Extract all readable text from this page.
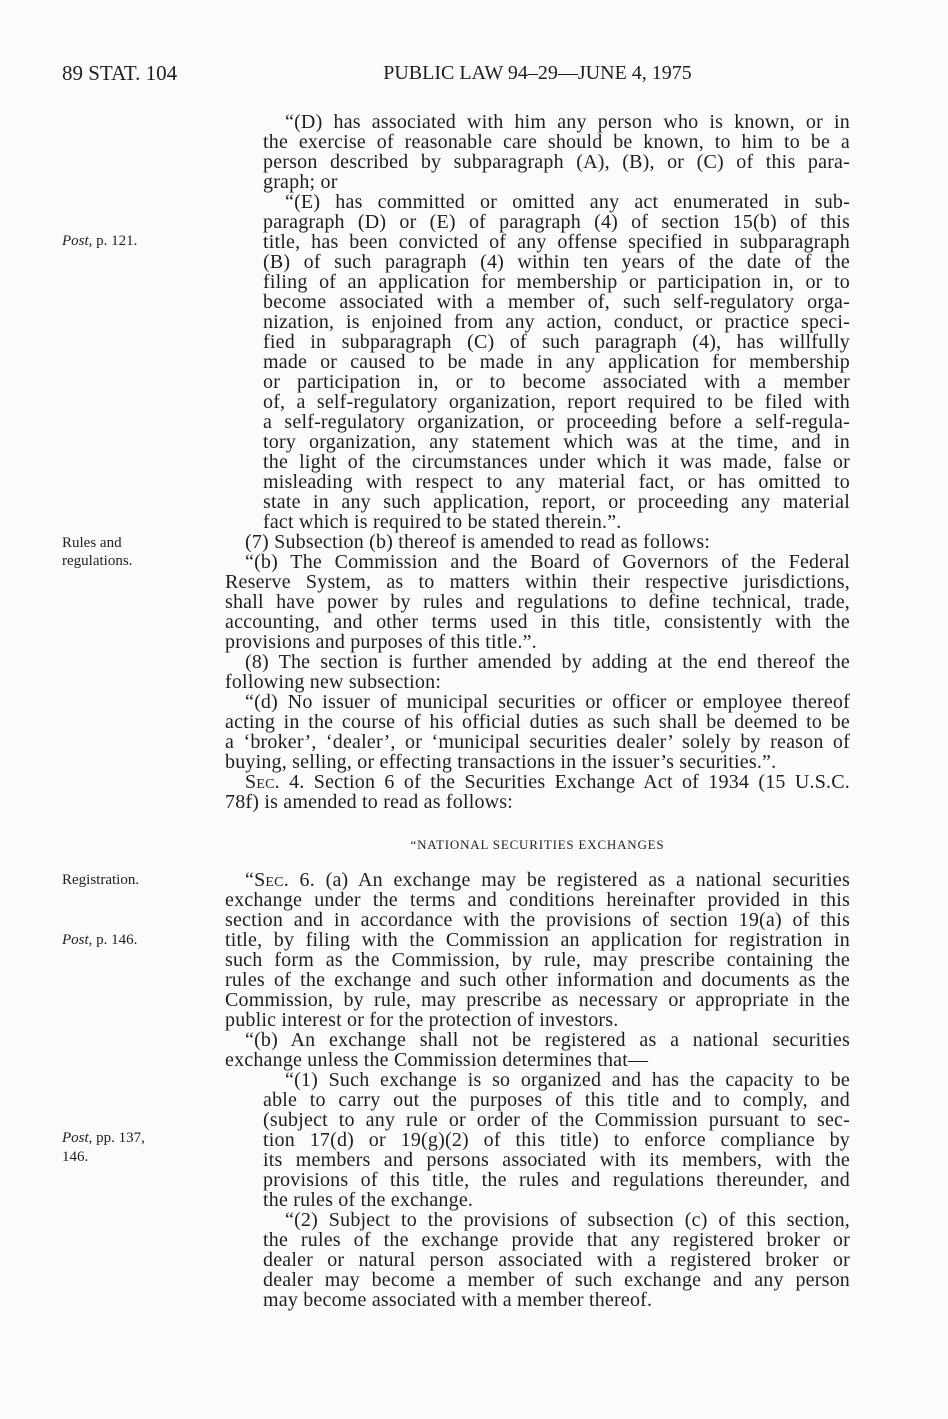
89 STAT. 104	PUBLIC LAW 94–29—JUNE 4, 1975
Post, p. 121.
Rules and
regulations.
Registration.
Post, p. 146.
Post, pp. 137,
146.
“(D) has associated with him any person who is known, or in
the exercise of reasonable care should be known, to him to be a
person described by subparagraph (A), (B), or (C) of this para-
graph; or
“(E) has committed or omitted any act enumerated in sub-
paragraph (D) or (E) of paragraph (4) of section 15(b) of this
title, has been convicted of any offense specified in subparagraph
(B) of such paragraph (4) within ten years of the date of the
filing of an application for membership or participation in, or to
become associated with a member of, such self-regulatory orga-
nization, is enjoined from any action, conduct, or practice speci-
fied in subparagraph (C) of such paragraph (4), has willfully
made or caused to be made in any application for membership
or participation in, or to become associated with a member
of, a self-regulatory organization, report required to be filed with
a self-regulatory organization, or proceeding before a self-regula-
tory organization, any statement which was at the time, and in
the light of the circumstances under which it was made, false or
misleading with respect to any material fact, or has omitted to
state in any such application, report, or proceeding any material
fact which is required to be stated therein.”.
(7) Subsection (b) thereof is amended to read as follows:
“(b) The Commission and the Board of Governors of the Federal
Reserve System, as to matters within their respective jurisdictions,
shall have power by rules and regulations to define technical, trade,
accounting, and other terms used in this title, consistently with the
provisions and purposes of this title.”.
(8) The section is further amended by adding at the end thereof the
following new subsection:
“(d) No issuer of municipal securities or officer or employee thereof
acting in the course of his official duties as such shall be deemed to be
a ‘broker’, ‘dealer’, or ‘municipal securities dealer’ solely by reason of
buying, selling, or effecting transactions in the issuer’s securities.”.
Sec. 4. Section 6 of the Securities Exchange Act of 1934 (15 U.S.C.
78f) is amended to read as follows:
“NATIONAL SECURITIES EXCHANGES
“Sec. 6. (a) An exchange may be registered as a national securities
exchange under the terms and conditions hereinafter provided in this
section and in accordance with the provisions of section 19(a) of this
title, by filing with the Commission an application for registration in
such form as the Commission, by rule, may prescribe containing the
rules of the exchange and such other information and documents as the
Commission, by rule, may prescribe as necessary or appropriate in the
public interest or for the protection of investors.
“(b) An exchange shall not be registered as a national securities
exchange unless the Commission determines that—
“(1) Such exchange is so organized and has the capacity to be
able to carry out the purposes of this title and to comply, and
(subject to any rule or order of the Commission pursuant to sec-
tion 17(d) or 19(g)(2) of this title) to enforce compliance by
its members and persons associated with its members, with the
provisions of this title, the rules and regulations thereunder, and
the rules of the exchange.
“(2) Subject to the provisions of subsection (c) of this section,
the rules of the exchange provide that any registered broker or
dealer or natural person associated with a registered broker or
dealer may become a member of such exchange and any person
may become associated with a member thereof.
